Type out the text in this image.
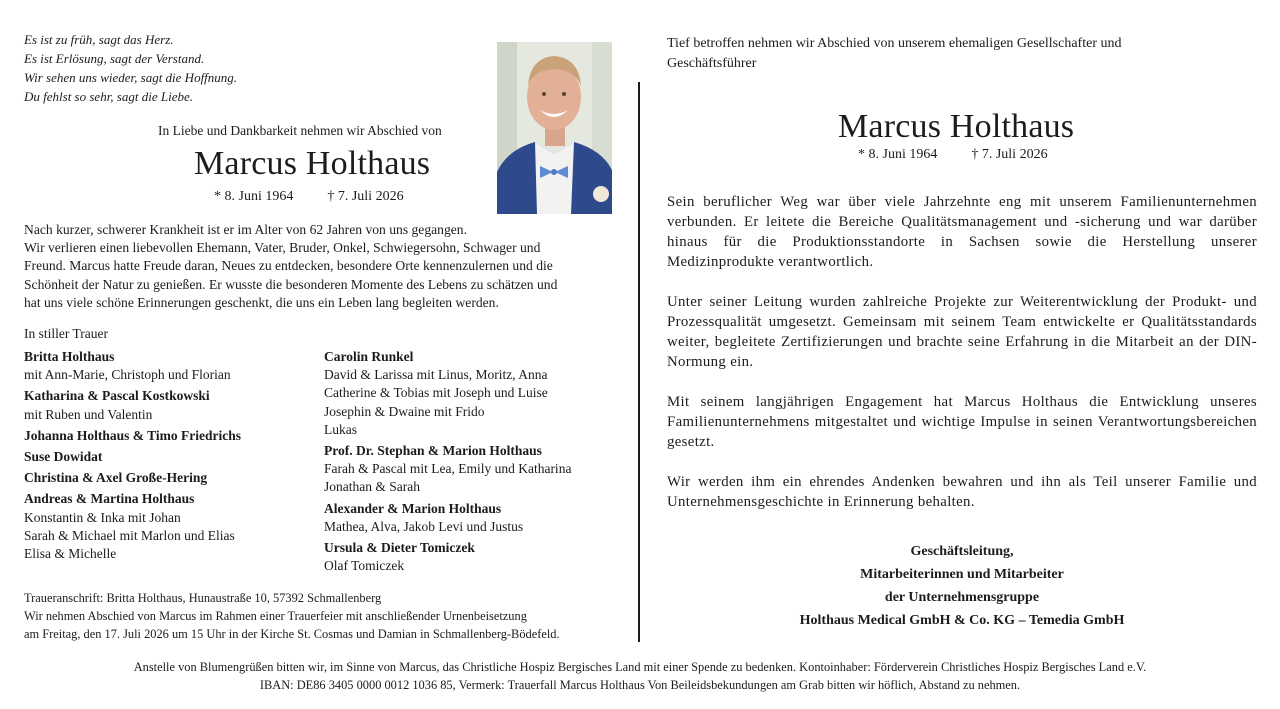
Es ist zu früh, sagt das Herz.
Es ist Erlösung, sagt der Verstand.
Wir sehen uns wieder, sagt die Hoffnung.
Du fehlst so sehr, sagt die Liebe.
In Liebe und Dankbarkeit nehmen wir Abschied von
Marcus Holthaus
* 8. Juni 1964 † 7. Juli 2026
Nach kurzer, schwerer Krankheit ist er im Alter von 62 Jahren von uns gegangen.
Wir verlieren einen liebevollen Ehemann, Vater, Bruder, Onkel, Schwiegersohn, Schwager und
Freund. Marcus hatte Freude daran, Neues zu entdecken, besondere Orte kennenzulernen und die
Schönheit der Natur zu genießen. Er wusste die besonderen Momente des Lebens zu schätzen und
hat uns viele schöne Erinnerungen geschenkt, die uns ein Leben lang begleiten werden.
In stiller Trauer
Britta Holthaus
mit Ann-Marie, Christoph und Florian
Katharina & Pascal Kostkowski
mit Ruben und Valentin
Johanna Holthaus & Timo Friedrichs
Suse Dowidat
Christina & Axel Große-Hering
Andreas & Martina Holthaus
Konstantin & Inka mit Johan
Sarah & Michael mit Marlon und Elias
Elisa & Michelle
Carolin Runkel
David & Larissa mit Linus, Moritz, Anna
Catherine & Tobias mit Joseph und Luise
Josephin & Dwaine mit Frido
Lukas
Prof. Dr. Stephan & Marion Holthaus
Farah & Pascal mit Lea, Emily und Katharina
Jonathan & Sarah
Alexander & Marion Holthaus
Mathea, Alva, Jakob Levi und Justus
Ursula & Dieter Tomiczek
Olaf Tomiczek
Traueranschrift: Britta Holthaus, Hunaustraße 10, 57392 Schmallenberg
Wir nehmen Abschied von Marcus im Rahmen einer Trauerfeier mit anschließender Urnenbeisetzung
am Freitag, den 17. Juli 2026 um 15 Uhr in der Kirche St. Cosmas und Damian in Schmallenberg-Bödefeld.
Tief betroffen nehmen wir Abschied von unserem ehemaligen Gesellschafter und
Geschäftsführer
Marcus Holthaus
* 8. Juni 1964 † 7. Juli 2026
Sein beruflicher Weg war über viele Jahrzehnte eng mit unserem Familienunternehmen verbunden. Er leitete die Bereiche Qualitätsmanagement und -sicherung und war darüber hinaus für die Produktionsstandorte in Sachsen sowie die Herstellung unserer Medizinprodukte verantwortlich.
Unter seiner Leitung wurden zahlreiche Projekte zur Weiterentwicklung der Produkt- und Prozessqualität umgesetzt. Gemeinsam mit seinem Team entwickelte er Qualitätsstandards weiter, begleitete Zertifizierungen und brachte seine Erfahrung in die Mitarbeit an der DIN-Normung ein.
Mit seinem langjährigen Engagement hat Marcus Holthaus die Entwicklung unseres Familienunternehmens mitgestaltet und wichtige Impulse in seinen Verantwortungsbereichen gesetzt.
Wir werden ihm ein ehrendes Andenken bewahren und ihn als Teil unserer Familie und Unternehmensgeschichte in Erinnerung behalten.
Geschäftsleitung,
Mitarbeiterinnen und Mitarbeiter
der Unternehmensgruppe
Holthaus Medical GmbH & Co. KG – Temedia GmbH
Anstelle von Blumengrüßen bitten wir, im Sinne von Marcus, das Christliche Hospiz Bergisches Land mit einer Spende zu bedenken. Kontoinhaber: Förderverein Christliches Hospiz Bergisches Land e.V.
IBAN: DE86 3405 0000 0012 1036 85, Vermerk: Trauerfall Marcus Holthaus Von Beileidsbekundungen am Grab bitten wir höflich, Abstand zu nehmen.
